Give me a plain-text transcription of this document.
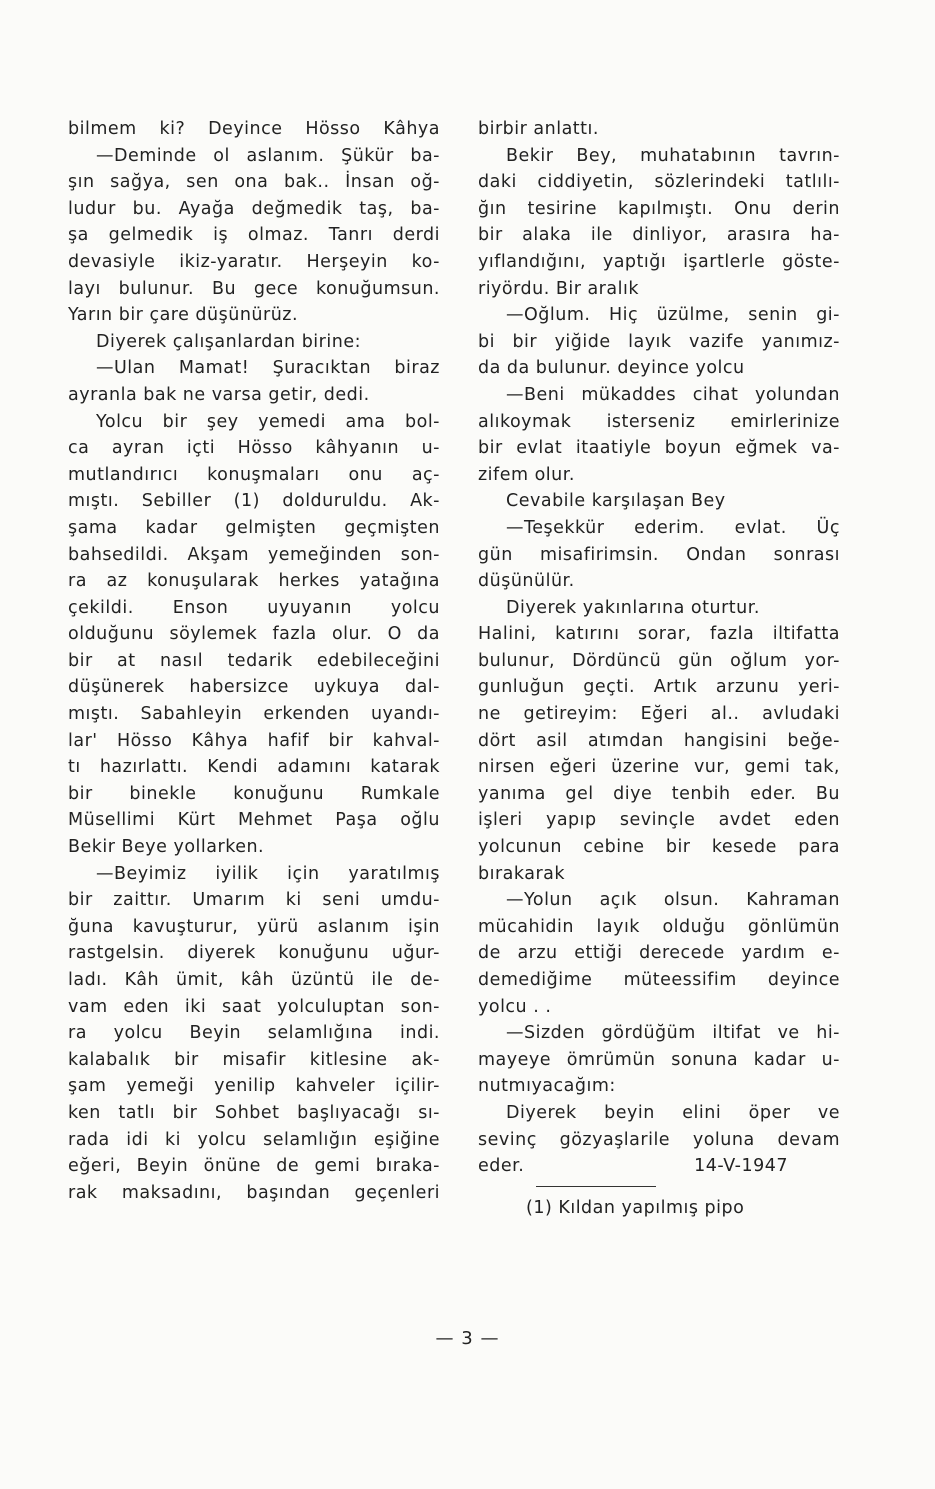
bilmem ki? Deyince Hösso Kâhya
—Deminde ol aslanım. Şükür ba-
şın sağya, sen ona bak.. İnsan oğ-
ludur bu. Ayağa değmedik taş, ba-
şa gelmedik iş olmaz. Tanrı derdi
devasiyle ikiz-yaratır. Herşeyin ko-
layı bulunur. Bu gece konuğumsun.
Yarın bir çare düşünürüz.
Diyerek çalışanlardan birine:
—Ulan Mamat! Şuracıktan biraz
ayranla bak ne varsa getir, dedi.
Yolcu bir şey yemedi ama bol-
ca ayran içti Hösso kâhyanın u-
mutlandırıcı konuşmaları onu aç-
mıştı. Sebiller (1) dolduruldu. Ak-
şama kadar gelmişten geçmişten
bahsedildi. Akşam yemeğinden son-
ra az konuşularak herkes yatağına
çekildi. Enson uyuyanın yolcu
olduğunu söylemek fazla olur. O da
bir at nasıl tedarik edebileceğini
düşünerek habersizce uykuya dal-
mıştı. Sabahleyin erkenden uyandı-
lar' Hösso Kâhya hafif bir kahval-
tı hazırlattı. Kendi adamını katarak
bir binekle konuğunu Rumkale
Müsellimi Kürt Mehmet Paşa oğlu
Bekir Beye yollarken.
—Beyimiz iyilik için yaratılmış
bir zaittır. Umarım ki seni umdu-
ğuna kavuşturur, yürü aslanım işin
rastgelsin. diyerek konuğunu uğur-
ladı. Kâh ümit, kâh üzüntü ile de-
vam eden iki saat yolculuptan son-
ra yolcu Beyin selamlığına indi.
kalabalık bir misafir kitlesine ak-
şam yemeği yenilip kahveler içilir-
ken tatlı bir Sohbet başlıyacağı sı-
rada idi ki yolcu selamlığın eşiğine
eğeri, Beyin önüne de gemi bıraka-
rak maksadını, başından geçenleri
birbir anlattı.
Bekir Bey, muhatabının tavrın-
daki ciddiyetin, sözlerindeki tatlılı-
ğın tesirine kapılmıştı. Onu derin
bir alaka ile dinliyor, arasıra ha-
yıflandığını, yaptığı işartlerle göste-
riyördu. Bir aralık
—Oğlum. Hiç üzülme, senin gi-
bi bir yiğide layık vazife yanımız-
da da bulunur. deyince yolcu
—Beni mükaddes cihat yolundan
alıkoymak isterseniz emirlerinize
bir evlat itaatiyle boyun eğmek va-
zifem olur.
Cevabile karşılaşan Bey
—Teşekkür ederim. evlat. Üç
gün misafirimsin. Ondan sonrası
düşünülür.
Diyerek yakınlarına oturtur.
Halini, katırını sorar, fazla iltifatta
bulunur, Dördüncü gün oğlum yor-
gunluğun geçti. Artık arzunu yeri-
ne getireyim: Eğeri al.. avludaki
dört asil atımdan hangisini beğe-
nirsen eğeri üzerine vur, gemi tak,
yanıma gel diye tenbih eder. Bu
işleri yapıp sevinçle avdet eden
yolcunun cebine bir kesede para
bırakarak
—Yolun açık olsun. Kahraman
mücahidin layık olduğu gönlümün
de arzu ettiği derecede yardım e-
demediğime müteessifim deyince
yolcu . .
—Sizden gördüğüm iltifat ve hi-
mayeye ömrümün sonuna kadar u-
nutmıyacağım:
Diyerek beyin elini öper ve
sevinç gözyaşlarile yoluna devam
eder.	14-V-1947
(1) Kıldan yapılmış pipo
— 3 —
